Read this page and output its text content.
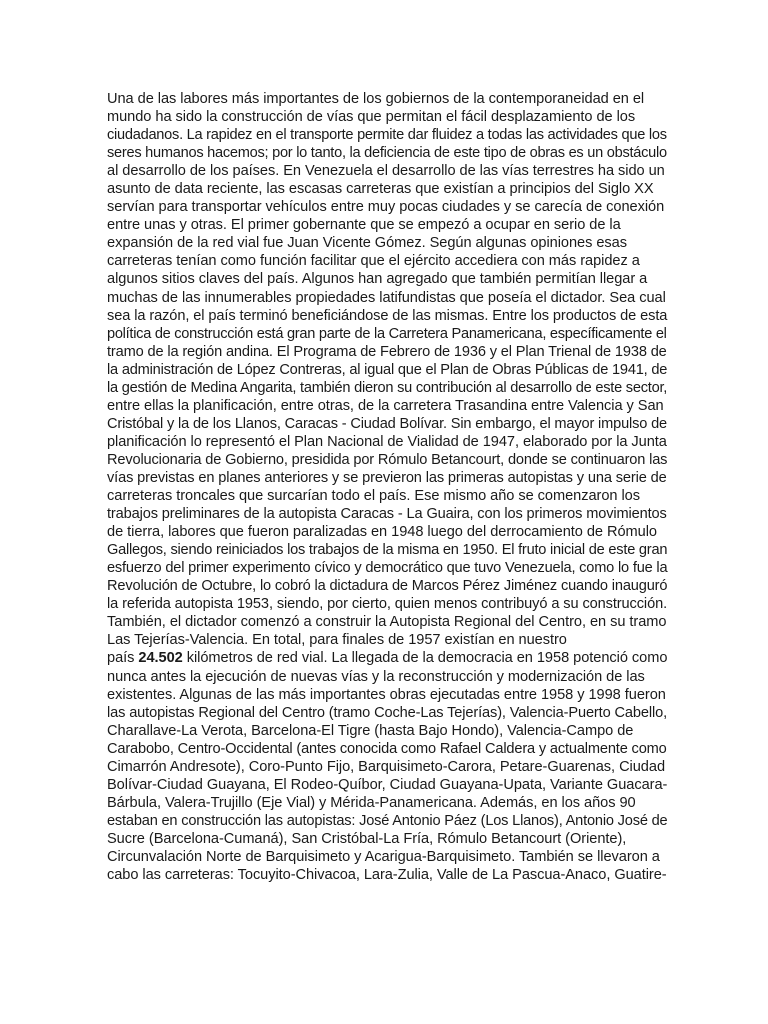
Una de las labores más importantes de los gobiernos de la contemporaneidad en el
mundo ha sido la construcción de vías que permitan el fácil desplazamiento de los
ciudadanos. La rapidez en el transporte permite dar fluidez a todas las actividades que los
seres humanos hacemos; por lo tanto, la deficiencia de este tipo de obras es un obstáculo
al desarrollo de los países. En Venezuela el desarrollo de las vías terrestres ha sido un
asunto de data reciente, las escasas carreteras que existían a principios del Siglo XX
servían para transportar vehículos entre muy pocas ciudades y se carecía de conexión
entre unas y otras. El primer gobernante que se empezó a ocupar en serio de la
expansión de la red vial fue Juan Vicente Gómez. Según algunas opiniones esas
carreteras tenían como función facilitar que el ejército accediera con más rapidez a
algunos sitios claves del país. Algunos han agregado que también permitían llegar a
muchas de las innumerables propiedades latifundistas que poseía el dictador. Sea cual
sea la razón, el país terminó beneficiándose de las mismas. Entre los productos de esta
política de construcción está gran parte de la Carretera Panamericana, específicamente el
tramo de la región andina. El Programa de Febrero de 1936 y el Plan Trienal de 1938 de
la administración de López Contreras, al igual que el Plan de Obras Públicas de 1941, de
la gestión de Medina Angarita, también dieron su contribución al desarrollo de este sector,
entre ellas la planificación, entre otras, de la carretera Trasandina entre Valencia y San
Cristóbal y la de los Llanos, Caracas - Ciudad Bolívar. Sin embargo, el mayor impulso de
planificación lo representó el Plan Nacional de Vialidad de 1947, elaborado por la Junta
Revolucionaria de Gobierno, presidida por Rómulo Betancourt, donde se continuaron las
vías previstas en planes anteriores y se previeron las primeras autopistas y una serie de
carreteras troncales que surcarían todo el país. Ese mismo año se comenzaron los
trabajos preliminares de la autopista Caracas - La Guaira, con los primeros movimientos
de tierra, labores que fueron paralizadas en 1948 luego del derrocamiento de Rómulo
Gallegos, siendo reiniciados los trabajos de la misma en 1950. El fruto inicial de este gran
esfuerzo del primer experimento cívico y democrático que tuvo Venezuela, como lo fue la
Revolución de Octubre, lo cobró la dictadura de Marcos Pérez Jiménez cuando inauguró
la referida autopista 1953, siendo, por cierto, quien menos contribuyó a su construcción.
También, el dictador comenzó a construir la Autopista Regional del Centro, en su tramo
Las Tejerías-Valencia. En total, para finales de 1957 existían en nuestro
país 24.502 kilómetros de red vial. La llegada de la democracia en 1958 potenció como
nunca antes la ejecución de nuevas vías y la reconstrucción y modernización de las
existentes. Algunas de las más importantes obras ejecutadas entre 1958 y 1998 fueron
las autopistas Regional del Centro (tramo Coche-Las Tejerías), Valencia-Puerto Cabello,
Charallave-La Verota, Barcelona-El Tigre (hasta Bajo Hondo), Valencia-Campo de
Carabobo, Centro-Occidental (antes conocida como Rafael Caldera y actualmente como
Cimarrón Andresote), Coro-Punto Fijo, Barquisimeto-Carora, Petare-Guarenas, Ciudad
Bolívar-Ciudad Guayana, El Rodeo-Quíbor, Ciudad Guayana-Upata, Variante Guacara-
Bárbula, Valera-Trujillo (Eje Vial) y Mérida-Panamericana. Además, en los años 90
estaban en construcción las autopistas: José Antonio Páez (Los Llanos), Antonio José de
Sucre (Barcelona-Cumaná), San Cristóbal-La Fría, Rómulo Betancourt (Oriente),
Circunvalación Norte de Barquisimeto y Acarigua-Barquisimeto. También se llevaron a
cabo las carreteras: Tocuyito-Chivacoa, Lara-Zulia, Valle de La Pascua-Anaco, Guatire-
